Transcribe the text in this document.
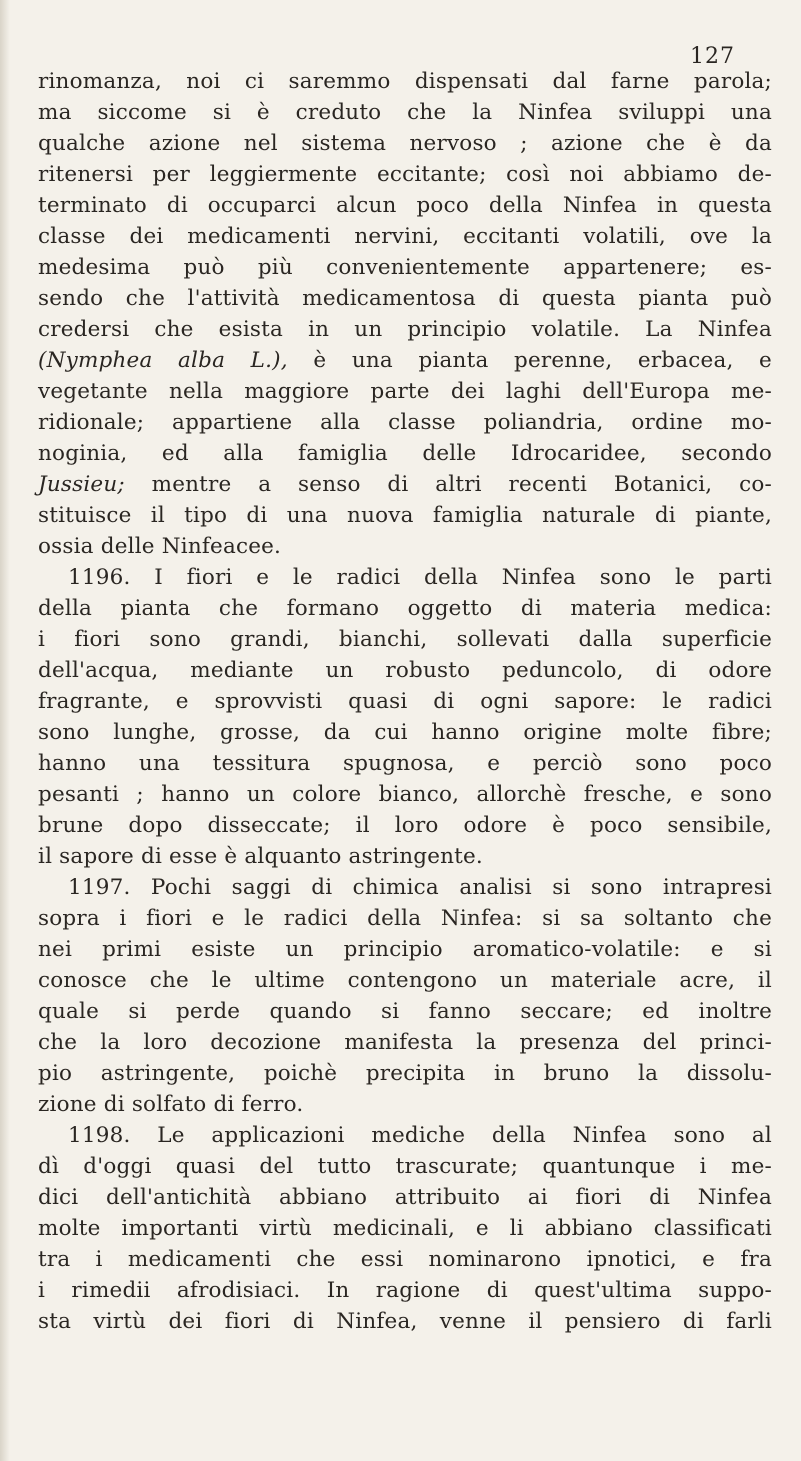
127
rinomanza, noi ci saremmo dispensati dal farne parola;
ma siccome si è creduto che la Ninfea sviluppi una
qualche azione nel sistema nervoso ; azione che è da
ritenersi per leggiermente eccitante; così noi abbiamo de-
terminato di occuparci alcun poco della Ninfea in questa
classe dei medicamenti nervini, eccitanti volatili, ove la
medesima può più convenientemente appartenere; es-
sendo che l'attività medicamentosa di questa pianta può
credersi che esista in un principio volatile. La Ninfea
(Nymphea alba L.), è una pianta perenne, erbacea, e
vegetante nella maggiore parte dei laghi dell'Europa me-
ridionale; appartiene alla classe poliandria, ordine mo-
noginia, ed alla famiglia delle Idrocaridee, secondo
Jussieu; mentre a senso di altri recenti Botanici, co-
stituisce il tipo di una nuova famiglia naturale di piante,
ossia delle Ninfeacee.
1196. I fiori e le radici della Ninfea sono le parti
della pianta che formano oggetto di materia medica:
i fiori sono grandi, bianchi, sollevati dalla superficie
dell'acqua, mediante un robusto peduncolo, di odore
fragrante, e sprovvisti quasi di ogni sapore: le radici
sono lunghe, grosse, da cui hanno origine molte fibre;
hanno una tessitura spugnosa, e perciò sono poco
pesanti ; hanno un colore bianco, allorchè fresche, e sono
brune dopo disseccate; il loro odore è poco sensibile,
il sapore di esse è alquanto astringente.
1197. Pochi saggi di chimica analisi si sono intrapresi
sopra i fiori e le radici della Ninfea: si sa soltanto che
nei primi esiste un principio aromatico-volatile: e si
conosce che le ultime contengono un materiale acre, il
quale si perde quando si fanno seccare; ed inoltre
che la loro decozione manifesta la presenza del princi-
pio astringente, poichè precipita in bruno la dissolu-
zione di solfato di ferro.
1198. Le applicazioni mediche della Ninfea sono al
dì d'oggi quasi del tutto trascurate; quantunque i me-
dici dell'antichità abbiano attribuito ai fiori di Ninfea
molte importanti virtù medicinali, e li abbiano classificati
tra i medicamenti che essi nominarono ipnotici, e fra
i rimedii afrodisiaci. In ragione di quest'ultima suppo-
sta virtù dei fiori di Ninfea, venne il pensiero di farli
